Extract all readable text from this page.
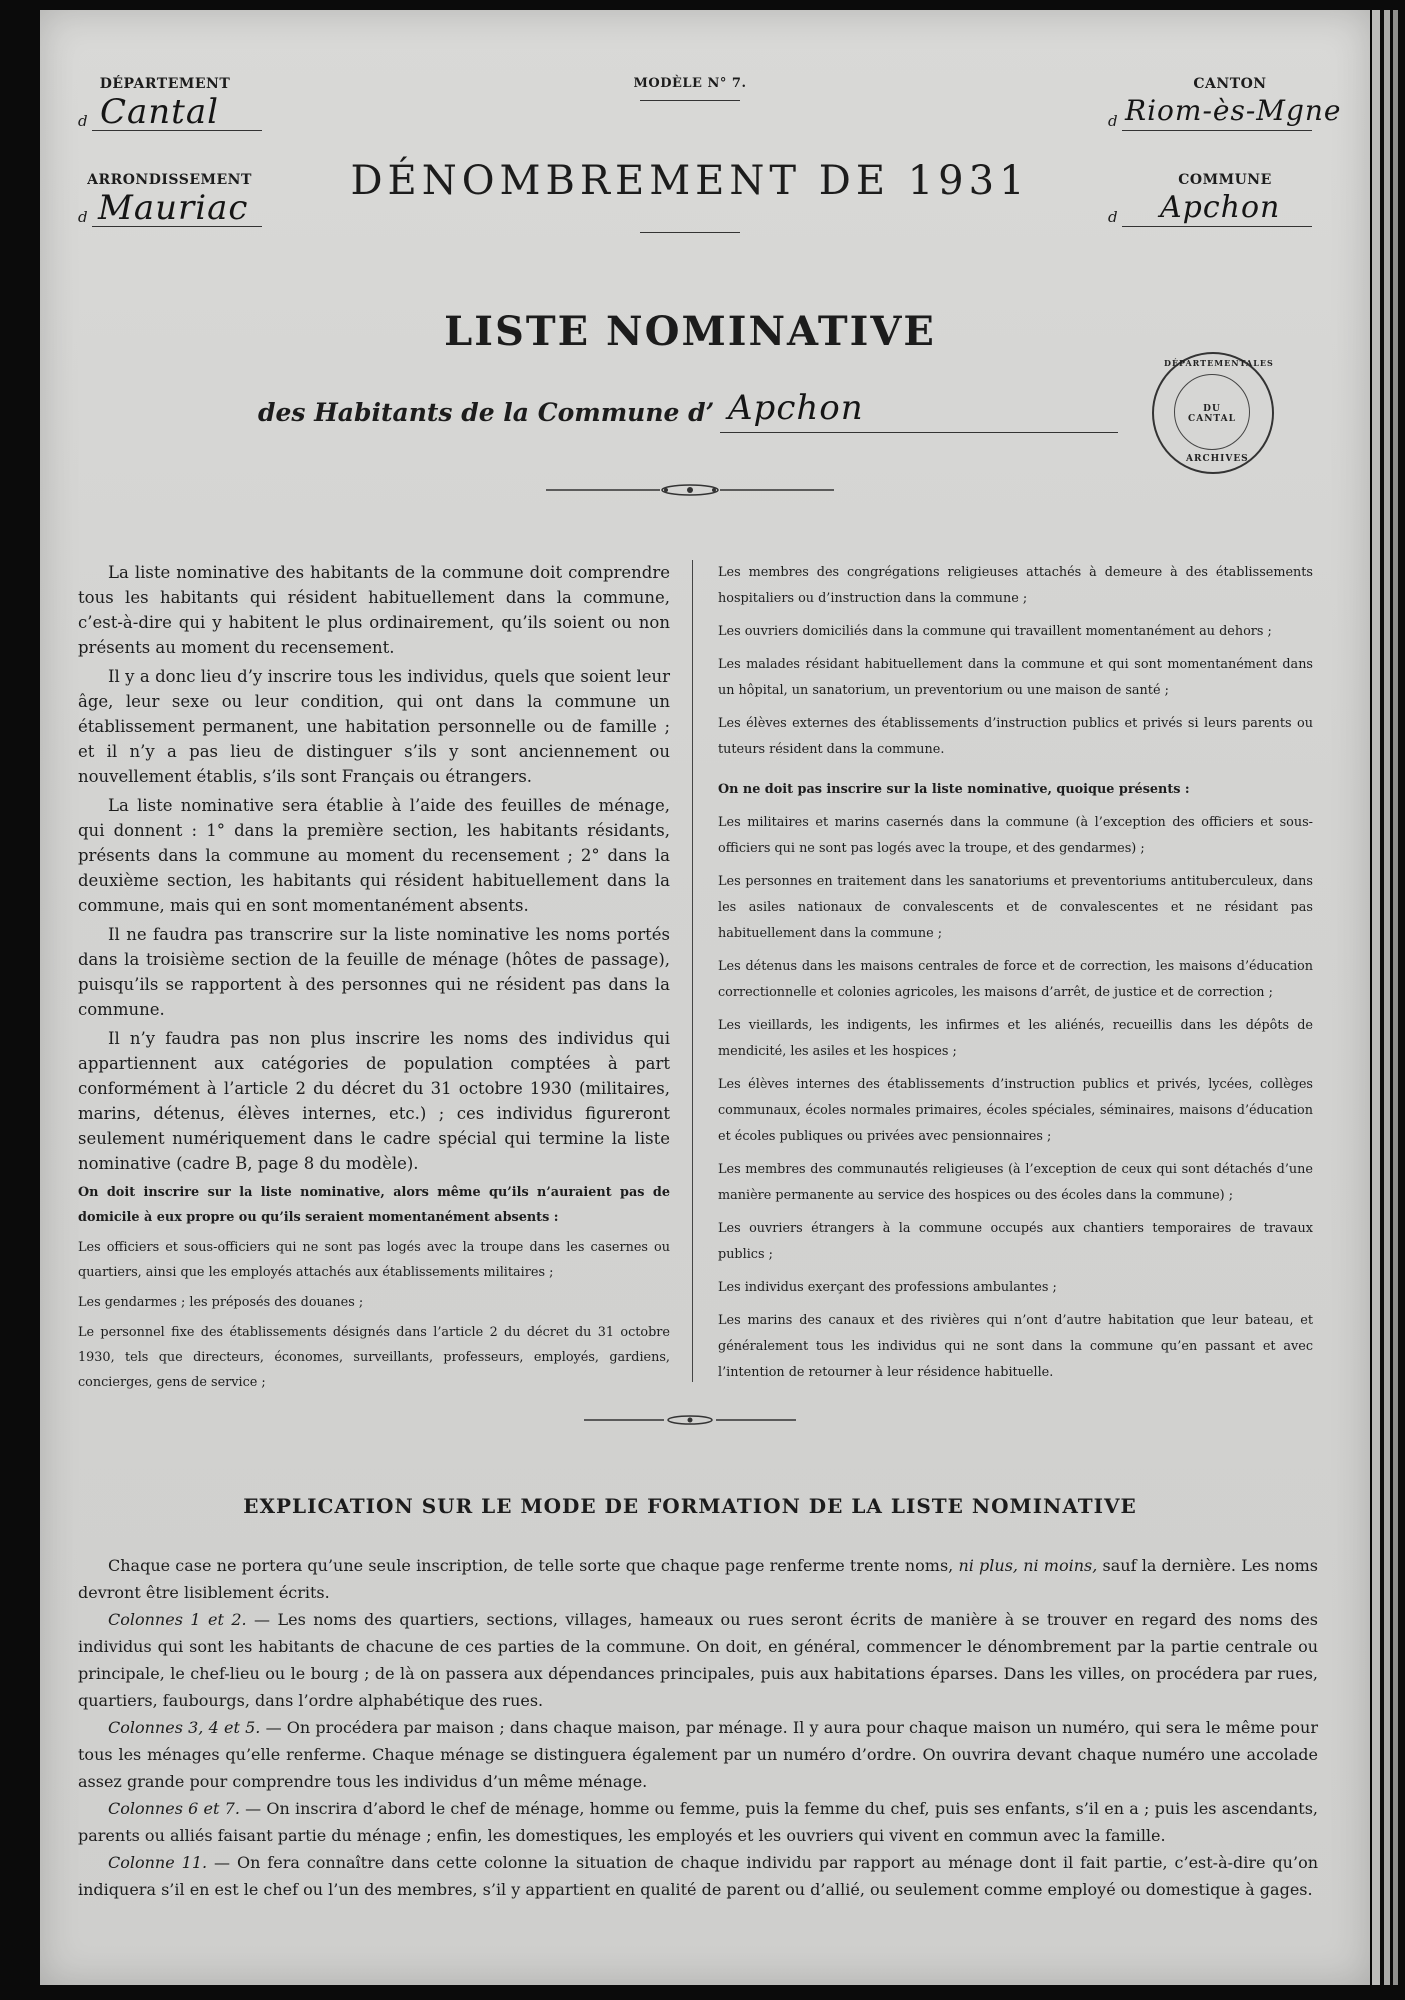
DÉPARTEMENT
d Cantal
ARRONDISSEMENT
d Mauriac
MODÈLE N° 7.	CANTON
d Riom-ès-Mgne
COMMUNE
d Apchon
DÉNOMBREMENT DE 1931
LISTE NOMINATIVE
des Habitants de la Commune d’ Apchon
DÉPARTEMENTALES
DU CANTAL
ARCHIVES

La liste nominative des habitants de la commune doit comprendre tous les habitants qui résident habituellement dans la commune, c’est-à-dire qui y habitent le plus ordinairement, qu’ils soient ou non présents au moment du recensement.

Il y a donc lieu d’y inscrire tous les individus, quels que soient leur âge, leur sexe ou leur condition, qui ont dans la commune un établissement permanent, une habitation personnelle ou de famille ; et il n’y a pas lieu de distinguer s’ils y sont anciennement ou nouvellement établis, s’ils sont Français ou étrangers.

La liste nominative sera établie à l’aide des feuilles de ménage, qui donnent : 1° dans la première section, les habitants résidants, présents dans la commune au moment du recensement ; 2° dans la deuxième section, les habitants qui résident habituellement dans la commune, mais qui en sont momentanément absents.

Il ne faudra pas transcrire sur la liste nominative les noms portés dans la troisième section de la feuille de ménage (hôtes de passage), puisqu’ils se rapportent à des personnes qui ne résident pas dans la commune.

Il n’y faudra pas non plus inscrire les noms des individus qui appartiennent aux catégories de population comptées à part conformément à l’article 2 du décret du 31 octobre 1930 (militaires, marins, détenus, élèves internes, etc.) ; ces individus figureront seulement numériquement dans le cadre spécial qui termine la liste nominative (cadre B, page 8 du modèle).

On doit inscrire sur la liste nominative, alors même qu’ils n’auraient pas de domicile à eux propre ou qu’ils seraient momentanément absents :

Les officiers et sous-officiers qui ne sont pas logés avec la troupe dans les casernes ou quartiers, ainsi que les employés attachés aux établissements militaires ;

Les gendarmes ; les préposés des douanes ;

Le personnel fixe des établissements désignés dans l’article 2 du décret du 31 octobre 1930, tels que directeurs, économes, surveillants, professeurs, employés, gardiens, concierges, gens de service ;

Les membres des congrégations religieuses attachés à demeure à des établissements hospitaliers ou d’instruction dans la commune ;

Les ouvriers domiciliés dans la commune qui travaillent momentanément au dehors ;

Les malades résidant habituellement dans la commune et qui sont momentanément dans un hôpital, un sanatorium, un preventorium ou une maison de santé ;

Les élèves externes des établissements d’instruction publics et privés si leurs parents ou tuteurs résident dans la commune.

On ne doit pas inscrire sur la liste nominative, quoique présents :

Les militaires et marins casernés dans la commune (à l’exception des officiers et sous-officiers qui ne sont pas logés avec la troupe, et des gendarmes) ;

Les personnes en traitement dans les sanatoriums et preventoriums antituberculeux, dans les asiles nationaux de convalescents et de convalescentes et ne résidant pas habituellement dans la commune ;

Les détenus dans les maisons centrales de force et de correction, les maisons d’éducation correctionnelle et colonies agricoles, les maisons d’arrêt, de justice et de correction ;

Les vieillards, les indigents, les infirmes et les aliénés, recueillis dans les dépôts de mendicité, les asiles et les hospices ;

Les élèves internes des établissements d’instruction publics et privés, lycées, collèges communaux, écoles normales primaires, écoles spéciales, séminaires, maisons d’éducation et écoles publiques ou privées avec pensionnaires ;

Les membres des communautés religieuses (à l’exception de ceux qui sont détachés d’une manière permanente au service des hospices ou des écoles dans la commune) ;

Les ouvriers étrangers à la commune occupés aux chantiers temporaires de travaux publics ;

Les individus exerçant des professions ambulantes ;

Les marins des canaux et des rivières qui n’ont d’autre habitation que leur bateau, et généralement tous les individus qui ne sont dans la commune qu’en passant et avec l’intention de retourner à leur résidence habituelle.

EXPLICATION SUR LE MODE DE FORMATION DE LA LISTE NOMINATIVE

Chaque case ne portera qu’une seule inscription, de telle sorte que chaque page renferme trente noms, ni plus, ni moins, sauf la dernière. Les noms devront être lisiblement écrits.

Colonnes 1 et 2. — Les noms des quartiers, sections, villages, hameaux ou rues seront écrits de manière à se trouver en regard des noms des individus qui sont les habitants de chacune de ces parties de la commune. On doit, en général, commencer le dénombrement par la partie centrale ou principale, le chef-lieu ou le bourg ; de là on passera aux dépendances principales, puis aux habitations éparses. Dans les villes, on procédera par rues, quartiers, faubourgs, dans l’ordre alphabétique des rues.

Colonnes 3, 4 et 5. — On procédera par maison ; dans chaque maison, par ménage. Il y aura pour chaque maison un numéro, qui sera le même pour tous les ménages qu’elle renferme. Chaque ménage se distinguera également par un numéro d’ordre. On ouvrira devant chaque numéro une accolade assez grande pour comprendre tous les individus d’un même ménage.

Colonnes 6 et 7. — On inscrira d’abord le chef de ménage, homme ou femme, puis la femme du chef, puis ses enfants, s’il en a ; puis les ascendants, parents ou alliés faisant partie du ménage ; enfin, les domestiques, les employés et les ouvriers qui vivent en commun avec la famille.

Colonne 11. — On fera connaître dans cette colonne la situation de chaque individu par rapport au ménage dont il fait partie, c’est-à-dire qu’on indiquera s’il en est le chef ou l’un des membres, s’il y appartient en qualité de parent ou d’allié, ou seulement comme employé ou domestique à gages.
